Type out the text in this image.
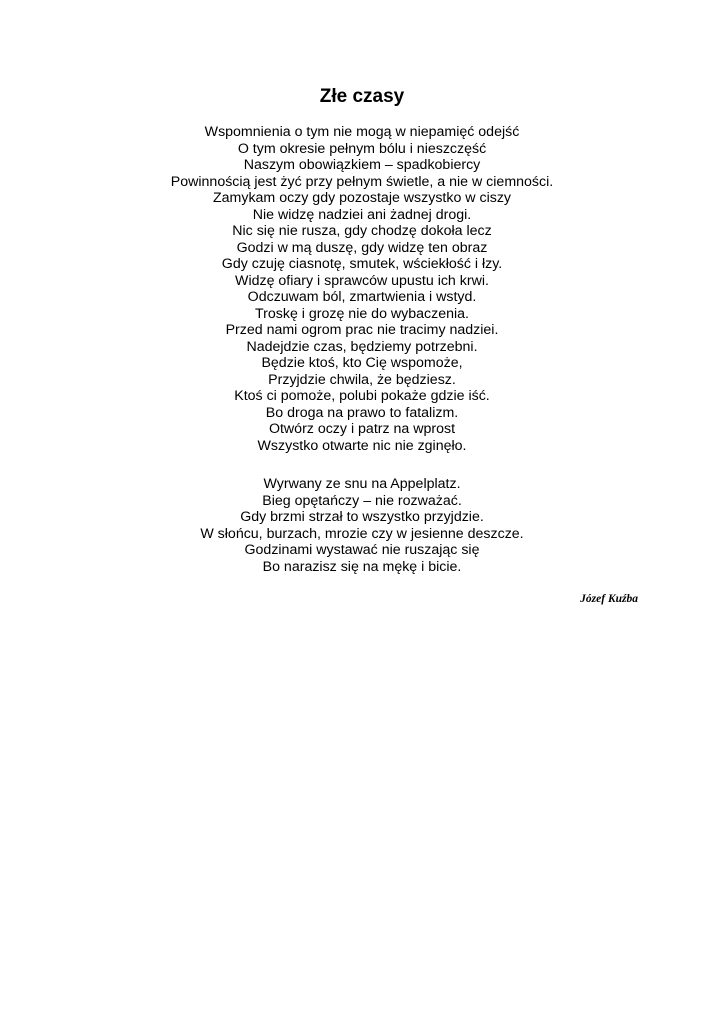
Złe czasy
Wspomnienia o tym nie mogą w niepamięć odejść
O tym okresie pełnym bólu i nieszczęść
Naszym obowiązkiem – spadkobiercy
Powinnością jest żyć przy pełnym świetle, a nie w ciemności.
Zamykam oczy gdy pozostaje wszystko w ciszy
Nie widzę nadziei ani żadnej drogi.
Nic się nie rusza, gdy chodzę dokoła lecz
Godzi w mą duszę, gdy widzę ten obraz
Gdy czuję ciasnotę, smutek, wściekłość i łzy.
Widzę ofiary i sprawców upustu ich krwi.
Odczuwam ból, zmartwienia i wstyd.
Troskę i grozę nie do wybaczenia.
Przed nami ogrom prac nie tracimy nadziei.
Nadejdzie czas, będziemy potrzebni.
Będzie ktoś, kto Cię wspomoże,
Przyjdzie chwila, że będziesz.
Ktoś ci pomoże, polubi pokaże gdzie iść.
Bo droga na prawo to fatalizm.
Otwórz oczy i patrz na wprost
Wszystko otwarte nic nie zginęło.
Wyrwany ze snu na Appelplatz.
Bieg opętańczy – nie rozważać.
Gdy brzmi strzał to wszystko przyjdzie.
W słońcu, burzach, mrozie czy w jesienne deszcze.
Godzinami wystawać nie ruszając się
Bo narazisz się na mękę i bicie.

Józef Kuźba
